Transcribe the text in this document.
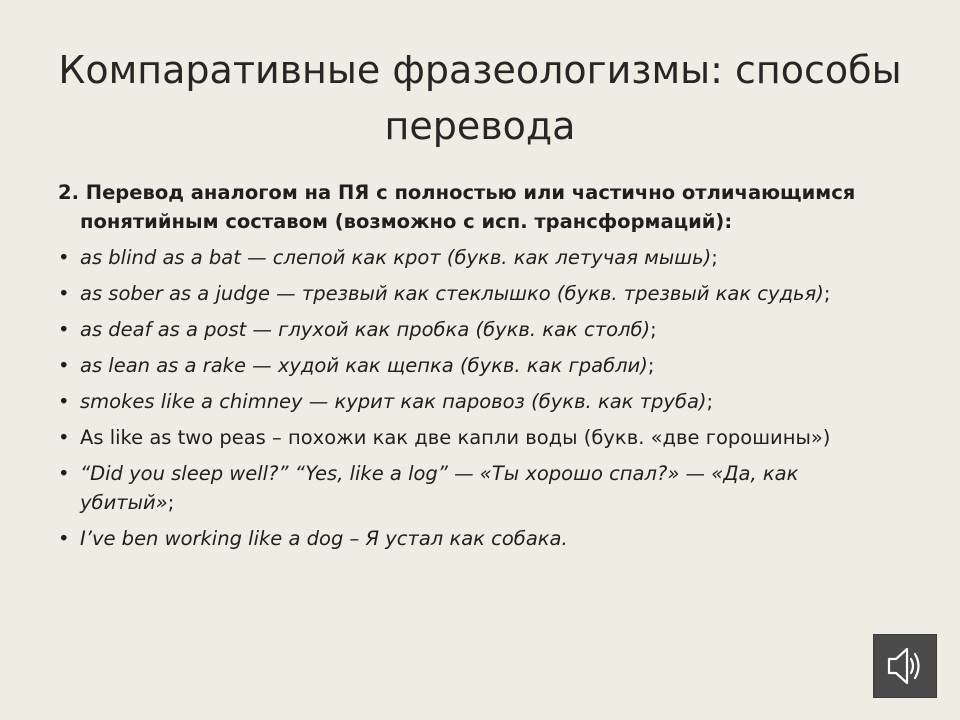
Компаративные фразеологизмы: способы перевода

2. Перевод аналогом на ПЯ с полностью или частично отличающимся понятийным составом (возможно с исп. трансформаций):

• as blind as a bat — слепой как крот (букв. как летучая мышь);
• as sober as a judge — трезвый как стеклышко (букв. трезвый как судья);
• as deaf as a post — глухой как пробка (букв. как столб);
• as lean as a rake — худой как щепка (букв. как грабли);
• smokes like a chimney — курит как паровоз (букв. как труба);
• As like as two peas – похожи как две капли воды (букв. «две горошины»)
• “Did you sleep well?” “Yes, like a log” — «Ты хорошо спал?» — «Да, как убитый»;
• I’ve ben working like a dog – Я устал как собака.
